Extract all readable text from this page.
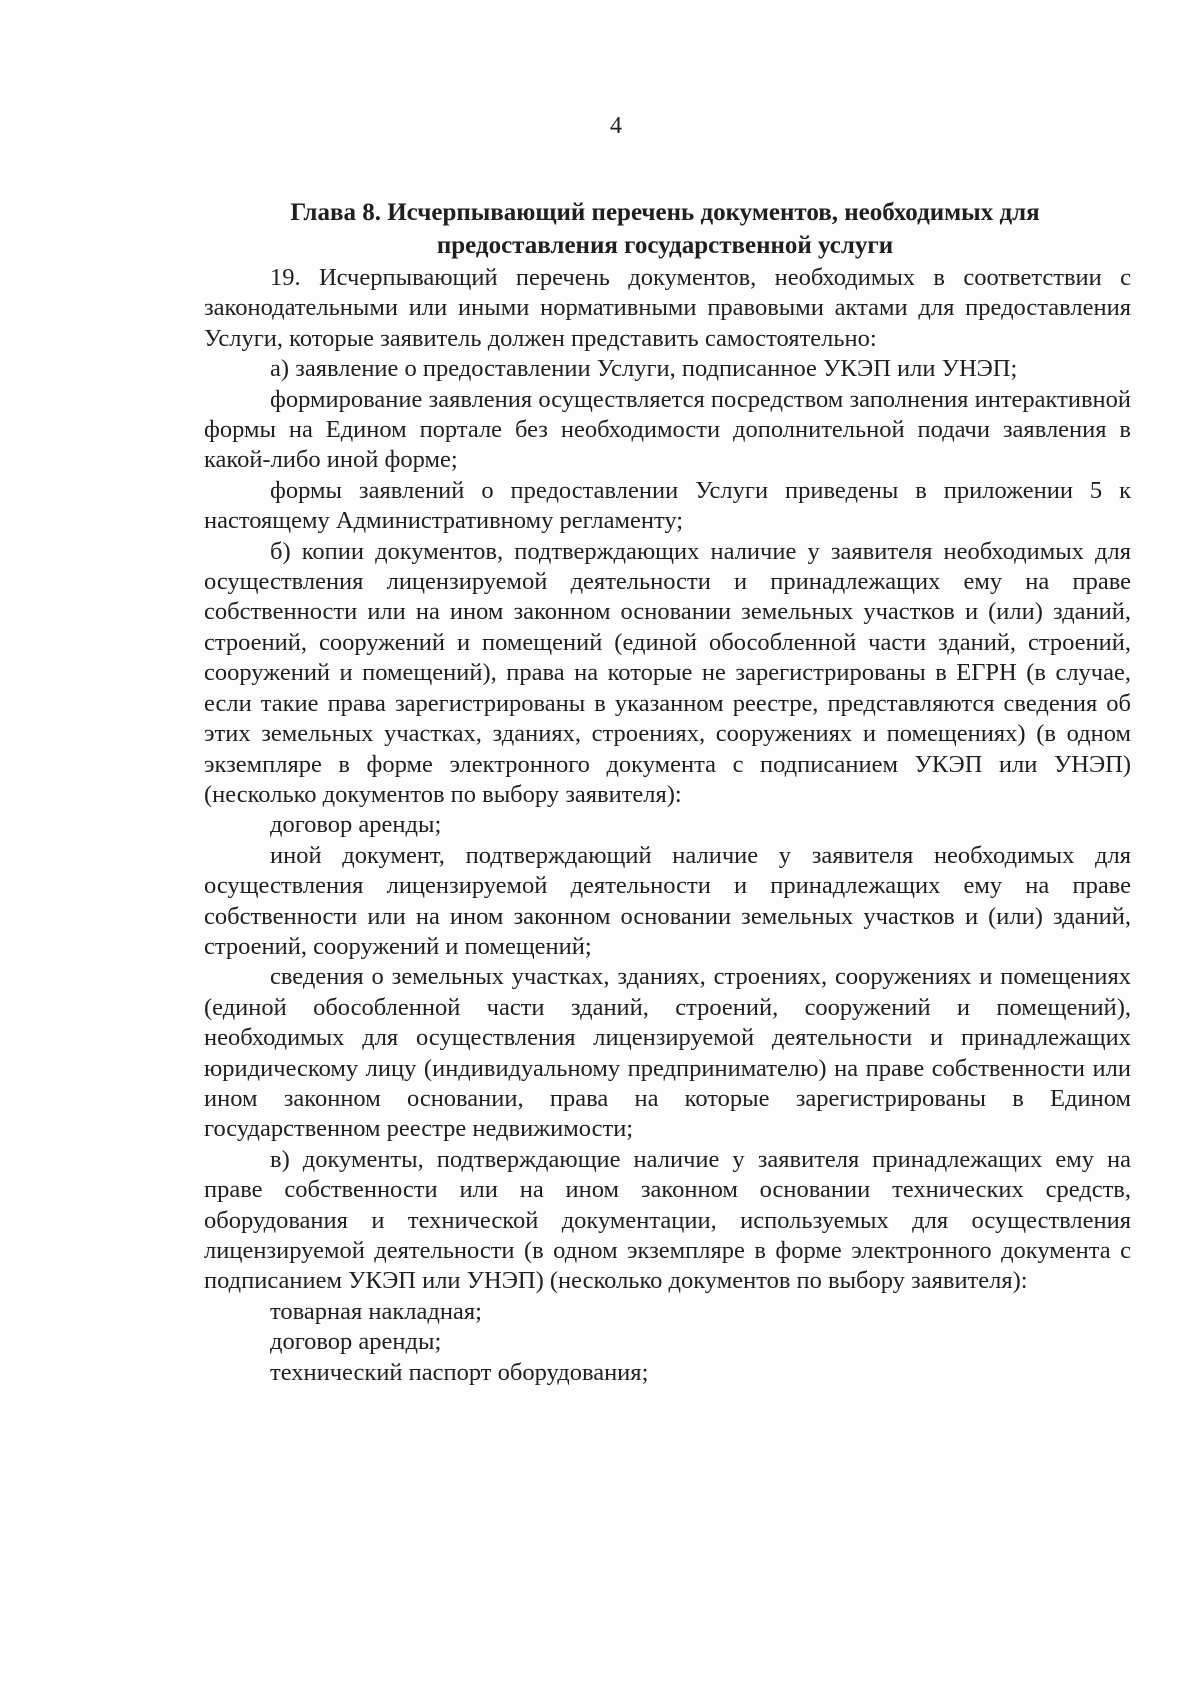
4
Глава 8. Исчерпывающий перечень документов, необходимых для
предоставления государственной услуги

19. Исчерпывающий перечень документов, необходимых в соответствии с законодательными или иными нормативными правовыми актами для предоставления Услуги, которые заявитель должен представить самостоятельно:

а) заявление о предоставлении Услуги, подписанное УКЭП или УНЭП;

формирование заявления осуществляется посредством заполнения интерактивной формы на Едином портале без необходимости дополнительной подачи заявления в какой-либо иной форме;

формы заявлений о предоставлении Услуги приведены в приложении 5 к настоящему Административному регламенту;

б) копии документов, подтверждающих наличие у заявителя необходимых для осуществления лицензируемой деятельности и принадлежащих ему на праве собственности или на ином законном основании земельных участков и (или) зданий, строений, сооружений и помещений (единой обособленной части зданий, строений, сооружений и помещений), права на которые не зарегистрированы в ЕГРН (в случае, если такие права зарегистрированы в указанном реестре, представляются сведения об этих земельных участках, зданиях, строениях, сооружениях и помещениях) (в одном экземпляре в форме электронного документа с подписанием УКЭП или УНЭП) (несколько документов по выбору заявителя):

договор аренды;

иной документ, подтверждающий наличие у заявителя необходимых для осуществления лицензируемой деятельности и принадлежащих ему на праве собственности или на ином законном основании земельных участков и (или) зданий, строений, сооружений и помещений;

сведения о земельных участках, зданиях, строениях, сооружениях и помещениях (единой обособленной части зданий, строений, сооружений и помещений), необходимых для осуществления лицензируемой деятельности и принадлежащих юридическому лицу (индивидуальному предпринимателю) на праве собственности или ином законном основании, права на которые зарегистрированы в Едином государственном реестре недвижимости;

в) документы, подтверждающие наличие у заявителя принадлежащих ему на праве собственности или на ином законном основании технических средств, оборудования и технической документации, используемых для осуществления лицензируемой деятельности (в одном экземпляре в форме электронного документа с подписанием УКЭП или УНЭП) (несколько документов по выбору заявителя):

товарная накладная;

договор аренды;

технический паспорт оборудования;
